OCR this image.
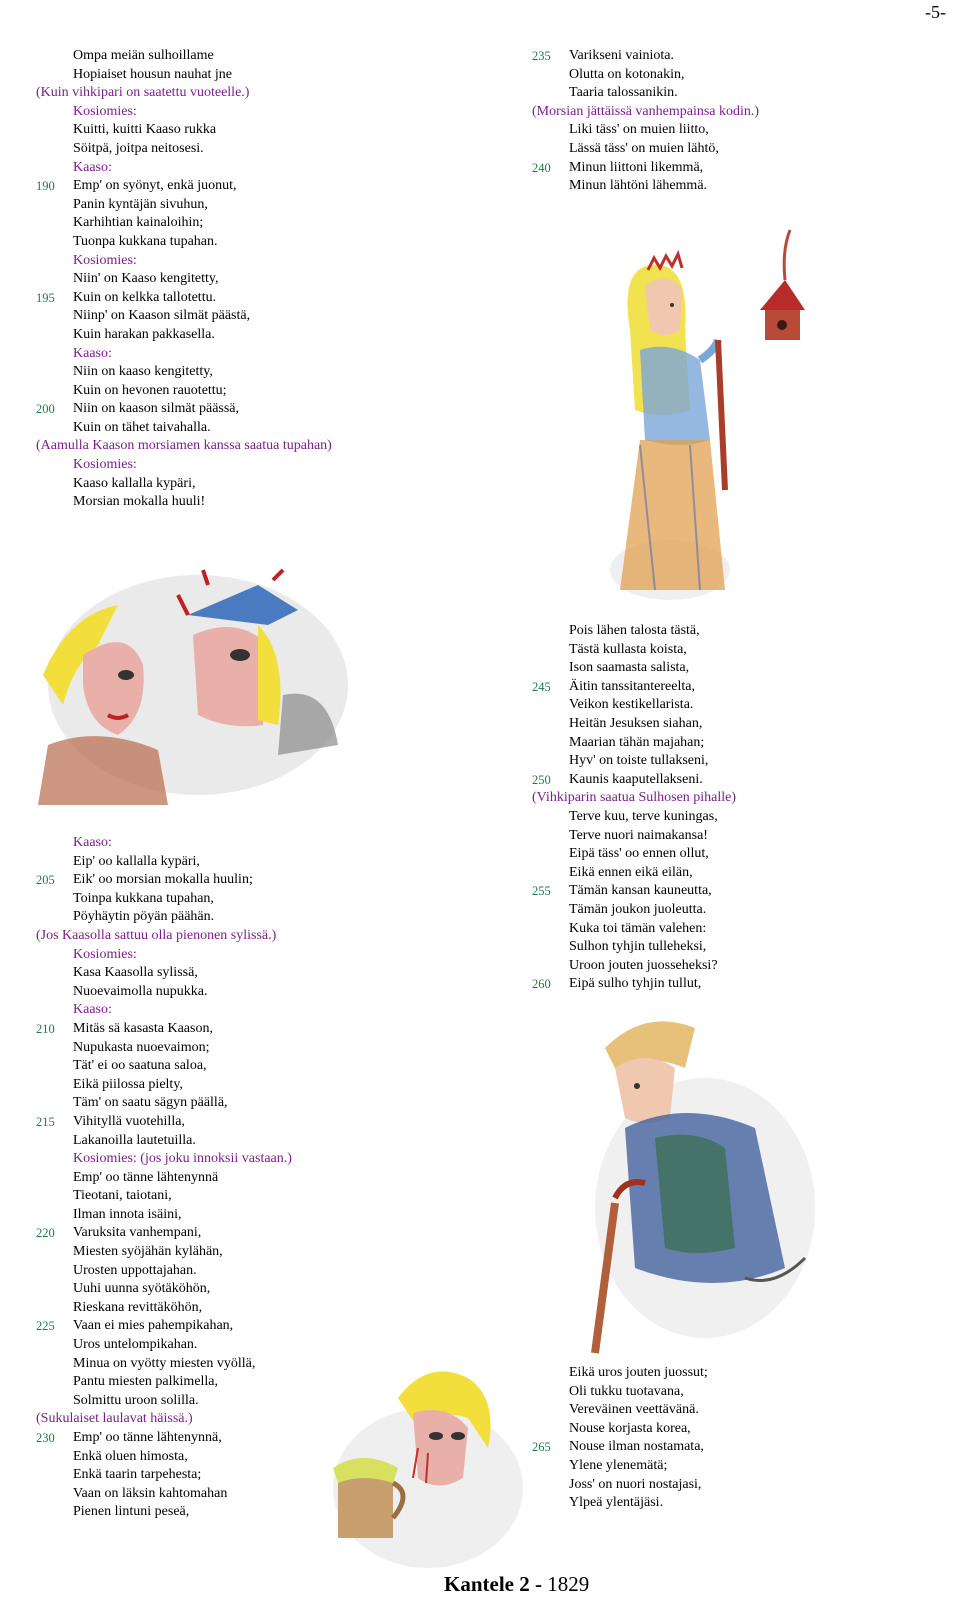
-5-
Ompa meiän sulhoillame
Hopiaiset housun nauhat jne
(Kuin vihkipari on saatettu vuoteelle.)
Kosiomies:
Kuitti, kuitti Kaaso rukka
Söitpä, joitpa neitosesi.
Kaaso:
190	Emp' on syönyt, enkä juonut,
Panin kyntäjän sivuhun,
Karhihtian kainaloihin;
Tuonpa kukkana tupahan.
Kosiomies:
Niin' on Kaaso kengitetty,
195	Kuin on kelkka tallotettu.
Niinp' on Kaason silmät päästä,
Kuin harakan pakkasella.
Kaaso:
Niin on kaaso kengitetty,
Kuin on hevonen rauotettu;
200	Niin on kaason silmät päässä,
Kuin on tähet taivahalla.
(Aamulla Kaason morsiamen kanssa saatua tupahan)
Kosiomies:
Kaaso kallalla kypäri,
Morsian mokalla huuli!
Kaaso:
Eip' oo kallalla kypäri,
205	Eik' oo morsian mokalla huulin;
Toinpa kukkana tupahan,
Pöyhäytin pöyän päähän.
(Jos Kaasolla sattuu olla pienonen sylissä.)
Kosiomies:
Kasa Kaasolla sylissä,
Nuoevaimolla nupukka.
Kaaso:
210	Mitäs sä kasasta Kaason,
Nupukasta nuoevaimon;
Tät' ei oo saatuna saloa,
Eikä piilossa pielty,
Täm' on saatu sägyn päällä,
215	Vihityllä vuotehilla,
Lakanoilla lautetuilla.
Kosiomies: (jos joku innoksii vastaan.)
Emp' oo tänne lähtenynnä
Tieotani, taiotani,
Ilman innota isäini,
220	Varuksita vanhempani,
Miesten syöjähän kylähän,
Urosten uppottajahan.
Uuhi uunna syötäköhön,
Rieskana revittäköhön,
225	Vaan ei mies pahempikahan,
Uros untelompikahan.
Minua on vyötty miesten vyöllä,
Pantu miesten palkimella,
Solmittu uroon solilla.
(Sukulaiset laulavat häissä.)
230	Emp' oo tänne lähtenynnä,
Enkä oluen himosta,
Enkä taarin tarpehesta;
Vaan on läksin kahtomahan
Pienen lintuni peseä,
235	Varikseni vainiota.
Olutta on kotonakin,
Taaria talossanikin.
(Morsian jättäissä vanhempainsa kodin.)
Liki täss' on muien liitto,
Lässä täss' on muien lähtö,
240	Minun liittoni likemmä,
Minun lähtöni lähemmä.
Pois lähen talosta tästä,
Tästä kullasta koista,
Ison saamasta salista,
245	Äitin tanssitantereelta,
Veikon kestikellarista.
Heitän Jesuksen siahan,
Maarian tähän majahan;
Hyv' on toiste tullakseni,
250	Kaunis kaaputellakseni.
(Vihkiparin saatua Sulhosen pihalle)
Terve kuu, terve kuningas,
Terve nuori naimakansa!
Eipä täss' oo ennen ollut,
Eikä ennen eikä eilän,
255	Tämän kansan kauneutta,
Tämän joukon juoleutta.
Kuka toi tämän valehen:
Sulhon tyhjin tulleheksi,
Uroon jouten juosseheksi?
260	Eipä sulho tyhjin tullut,
Eikä uros jouten juossut;
Oli tukku tuotavana,
Vereväinen veettävänä.
Nouse korjasta korea,
265	Nouse ilman nostamata,
Ylene ylenemätä;
Joss' on nuori nostajasi,
Ylpeä ylentäjäsi.
Kantele 2 - 1829
